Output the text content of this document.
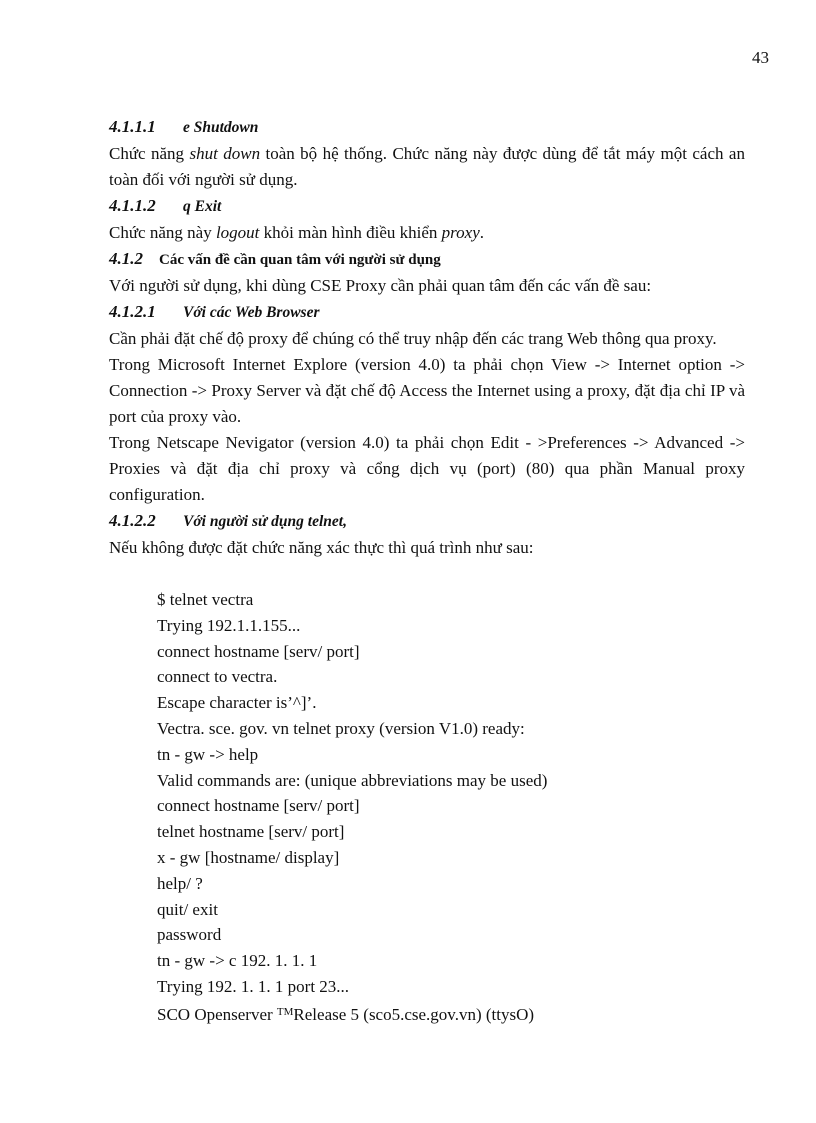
43
4.1.1.1	e Shutdown

Chức năng shut down toàn bộ hệ thống. Chức năng này được dùng để tắt máy một cách an toàn đối với người sử dụng.

4.1.1.2	q Exit

Chức năng này logout khỏi màn hình điều khiển proxy.

4.1.2	Các vấn đề cần quan tâm với người sử dụng

Với người sử dụng, khi dùng CSE Proxy cần phải quan tâm đến các vấn đề sau:

4.1.2.1	Với các Web Browser

Cần phải đặt chế độ proxy để chúng có thể truy nhập đến các trang Web thông qua proxy.

Trong Microsoft Internet Explore (version 4.0) ta phải chọn View -> Internet option -> Connection -> Proxy Server và đặt chế độ Access the Internet using a proxy, đặt địa chỉ IP và port của proxy vào.

Trong Netscape Nevigator (version 4.0) ta phải chọn Edit - >Preferences -> Advanced -> Proxies và đặt địa chỉ proxy và cổng dịch vụ (port) (80) qua phần Manual proxy configuration.

4.1.2.2	Với người sử dụng telnet,

Nếu không được đặt chức năng xác thực thì quá trình như sau:

$ telnet vectra
Trying 192.1.1.155...
connect hostname [serv/ port]
connect to vectra.
Escape character is’^]’.
Vectra. sce. gov. vn telnet proxy (version V1.0) ready:
tn - gw -> help
Valid commands are: (unique abbreviations may be used)
connect hostname [serv/ port]
telnet hostname [serv/ port]
x - gw [hostname/ display]
help/ ?
quit/ exit
password
tn - gw -> c 192. 1. 1. 1
Trying 192. 1. 1. 1 port 23...
SCO Openserver ™Release 5 (sco5.cse.gov.vn) (ttysO)
